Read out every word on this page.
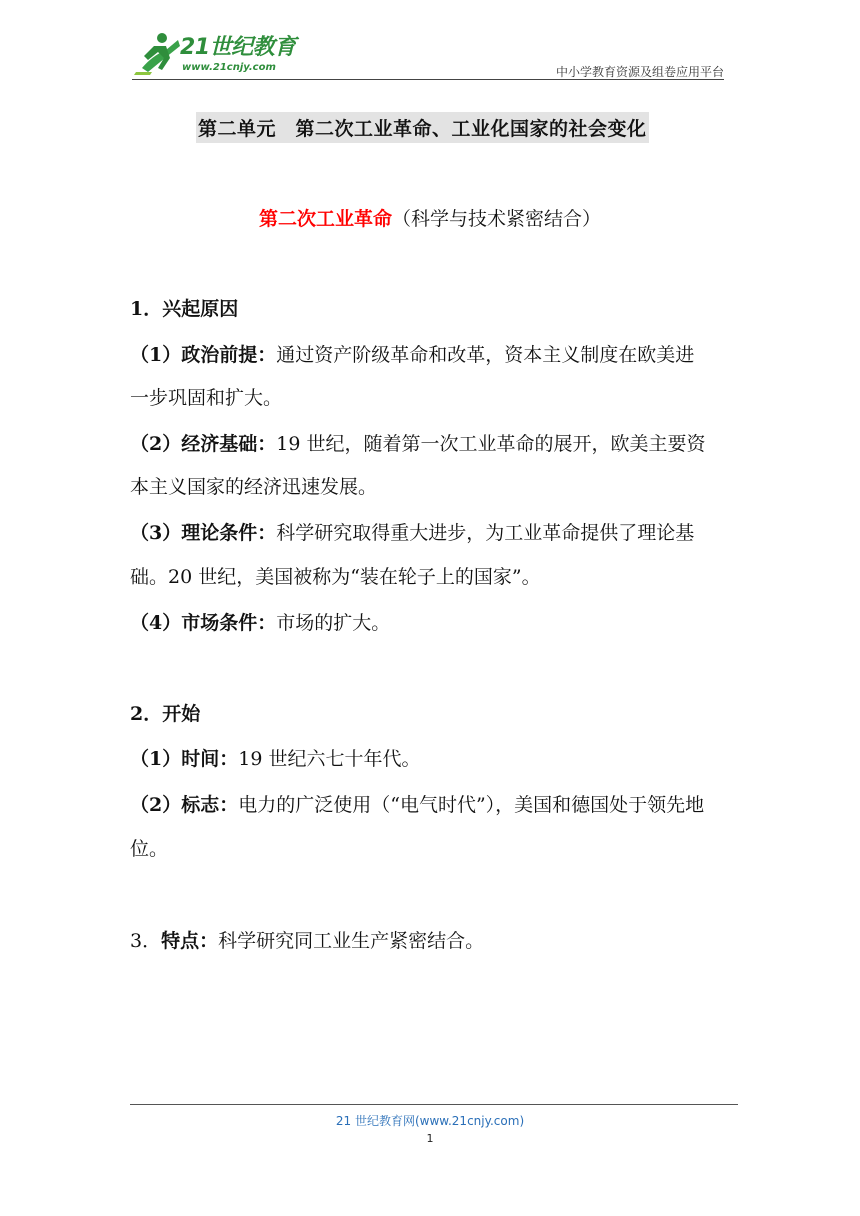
21世纪教育
www.21cnjy.com	中小学教育资源及组卷应用平台
第二单元　第二次工业革命、工业化国家的社会变化
第二次工业革命（科学与技术紧密结合）
1．兴起原因
（1）政治前提：通过资产阶级革命和改革，资本主义制度在欧美进
一步巩固和扩大。
（2）经济基础：19 世纪，随着第一次工业革命的展开，欧美主要资
本主义国家的经济迅速发展。
（3）理论条件：科学研究取得重大进步，为工业革命提供了理论基
础。20 世纪，美国被称为“装在轮子上的国家”。
（4）市场条件：市场的扩大。
2．开始
（1）时间：19 世纪六七十年代。
（2）标志：电力的广泛使用（“电气时代”），美国和德国处于领先地
位。
3．特点：科学研究同工业生产紧密结合。
21 世纪教育网(www.21cnjy.com)
1
